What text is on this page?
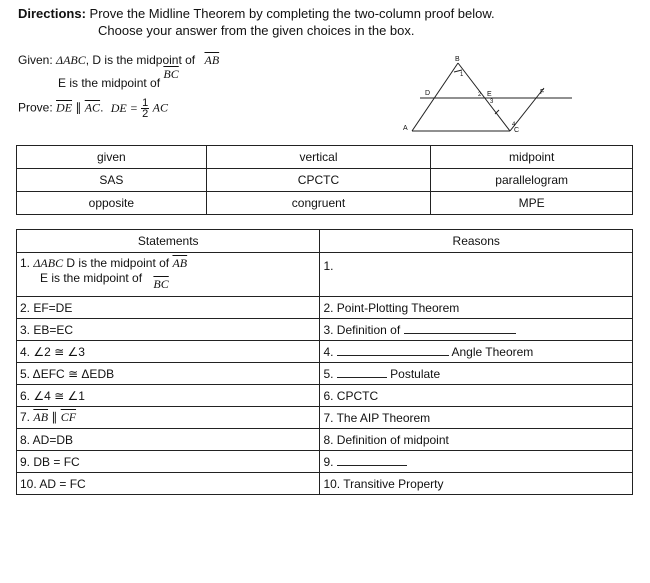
Directions: Prove the Midline Theorem by completing the two-column proof below.
Choose your answer from the given choices in the box.
Given: ΔABC, D is the midpoint of $\overline{AB}$
E is the midpoint of $\overline{BC}$
Prove: $\overline{DE}$ ∥ $\overline{AC}$. DE = $\frac{1}{2}$ AC
B
D	E	F
A	C
2
3
1
4
given	vertical	midpoint
SAS	CPCTC	parallelogram
opposite	congruent	MPE
Statements	Reasons
1. ΔABC D is the midpoint of $\overline{AB}$
E is the midpoint of $\overline{BC}$	1.
2. EF=DE	2. Point-Plotting Theorem
3. EB=EC	3. Definition of
4. ∠2 ≅ ∠3	4. Angle Theorem
5. ΔEFC ≅ ΔEDB	5. Postulate
6. ∠4 ≅ ∠1	6. CPCTC
7. $\overline{AB}$ ∥ $\overline{CF}$	7. The AIP Theorem
8. AD=DB	8. Definition of midpoint
9. DB = FC	9.
10. AD = FC	10. Transitive Property
